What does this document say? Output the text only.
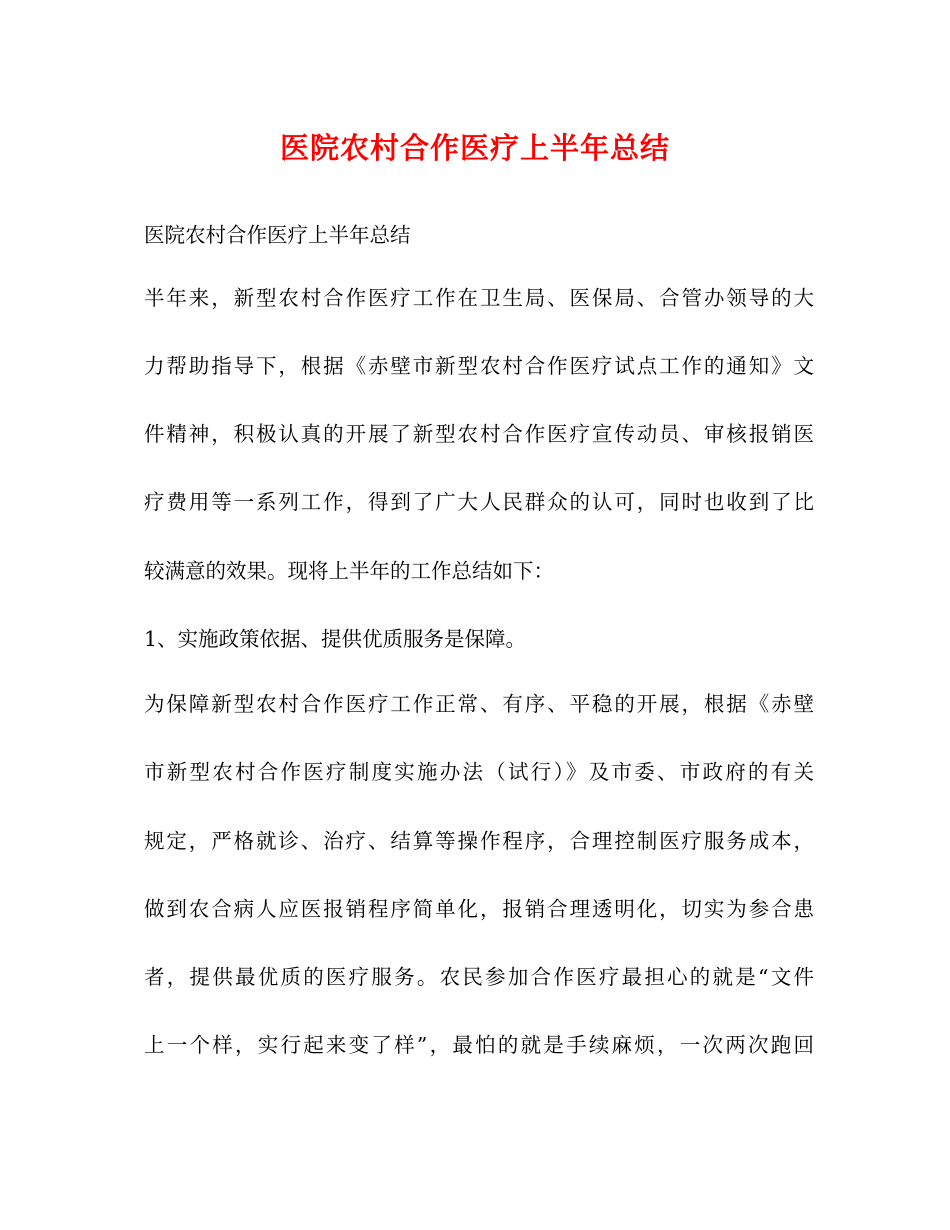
医院农村合作医疗上半年总结

医院农村合作医疗上半年总结

半年来，新型农村合作医疗工作在卫生局、医保局、合管办领导的大

力帮助指导下，根据《赤壁市新型农村合作医疗试点工作的通知》文

件精神，积极认真的开展了新型农村合作医疗宣传动员、审核报销医

疗费用等一系列工作，得到了广大人民群众的认可，同时也收到了比

较满意的效果。现将上半年的工作总结如下：

1、实施政策依据、提供优质服务是保障。

为保障新型农村合作医疗工作正常、有序、平稳的开展，根据《赤壁

市新型农村合作医疗制度实施办法（试行）》及市委、市政府的有关

规定，严格就诊、治疗、结算等操作程序，合理控制医疗服务成本，

做到农合病人应医报销程序简单化，报销合理透明化，切实为参合患

者，提供最优质的医疗服务。农民参加合作医疗最担心的就是“文件

上一个样，实行起来变了样”，最怕的就是手续麻烦，一次两次跑回
